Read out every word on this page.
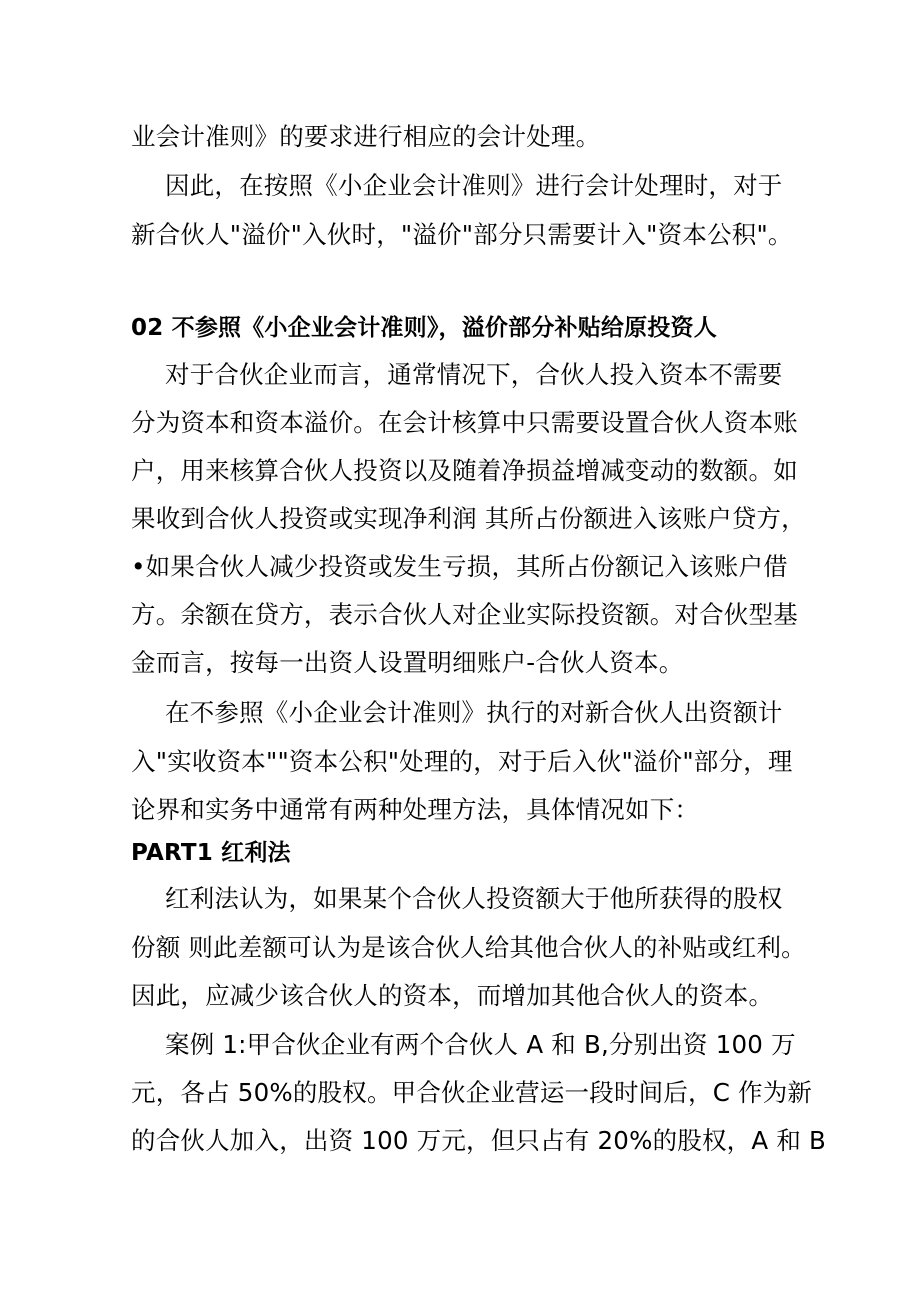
业会计准则》的要求进行相应的会计处理。
因此，在按照《小企业会计准则》进行会计处理时，对于
新合伙人"溢价"入伙时，"溢价"部分只需要计入"资本公积"。
02 不参照《小企业会计准则》，溢价部分补贴给原投资人
对于合伙企业而言，通常情况下，合伙人投入资本不需要
分为资本和资本溢价。在会计核算中只需要设置合伙人资本账
户，用来核算合伙人投资以及随着净损益增减变动的数额。如
果收到合伙人投资或实现净利润 其所占份额进入该账户贷方，
•如果合伙人减少投资或发生亏损，其所占份额记入该账户借
方。余额在贷方，表示合伙人对企业实际投资额。对合伙型基
金而言，按每一出资人设置明细账户-合伙人资本。
在不参照《小企业会计准则》执行的对新合伙人出资额计
入"实收资本""资本公积"处理的，对于后入伙"溢价"部分，理
论界和实务中通常有两种处理方法，具体情况如下：
PART1 红利法
红利法认为，如果某个合伙人投资额大于他所获得的股权
份额 则此差额可认为是该合伙人给其他合伙人的补贴或红利。
因此，应减少该合伙人的资本，而增加其他合伙人的资本。
案例 1:甲合伙企业有两个合伙人 A 和 B,分别出资 100 万
元，各占 50%的股权。甲合伙企业营运一段时间后，C 作为新
的合伙人加入，出资 100 万元，但只占有 20%的股权，A 和 B
